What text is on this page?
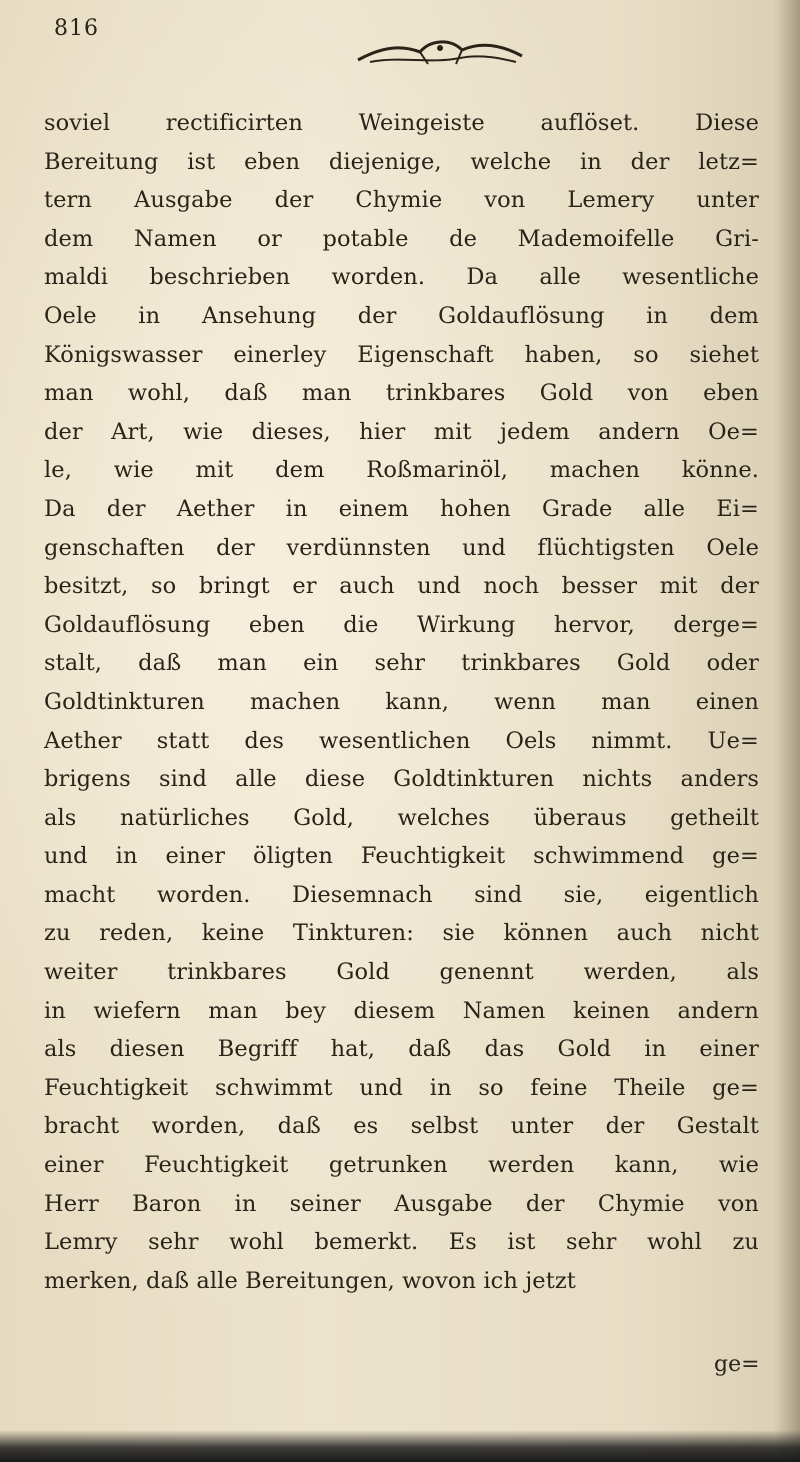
816
soviel rectificirten Weingeiste auflöset. Diese
Bereitung ist eben diejenige, welche in der letz=
tern Ausgabe der Chymie von Lemery unter
dem Namen or potable de Mademoifelle Gri-
maldi beschrieben worden. Da alle wesentliche
Oele in Ansehung der Goldauflösung in dem
Königswasser einerley Eigenschaft haben, so siehet
man wohl, daß man trinkbares Gold von eben
der Art, wie dieses, hier mit jedem andern Oe=
le, wie mit dem Roßmarinöl, machen könne.
Da der Aether in einem hohen Grade alle Ei=
genschaften der verdünnsten und flüchtigsten Oele
besitzt, so bringt er auch und noch besser mit der
Goldauflösung eben die Wirkung hervor, derge=
stalt, daß man ein sehr trinkbares Gold oder
Goldtinkturen machen kann, wenn man einen
Aether statt des wesentlichen Oels nimmt. Ue=
brigens sind alle diese Goldtinkturen nichts anders
als natürliches Gold, welches überaus getheilt
und in einer öligten Feuchtigkeit schwimmend ge=
macht worden. Diesemnach sind sie, eigentlich
zu reden, keine Tinkturen: sie können auch nicht
weiter trinkbares Gold genennt werden, als
in wiefern man bey diesem Namen keinen andern
als diesen Begriff hat, daß das Gold in einer
Feuchtigkeit schwimmt und in so feine Theile ge=
bracht worden, daß es selbst unter der Gestalt
einer Feuchtigkeit getrunken werden kann, wie
Herr Baron in seiner Ausgabe der Chymie von
Lemry sehr wohl bemerkt. Es ist sehr wohl zu
merken, daß alle Bereitungen, wovon ich jetzt
ge=
